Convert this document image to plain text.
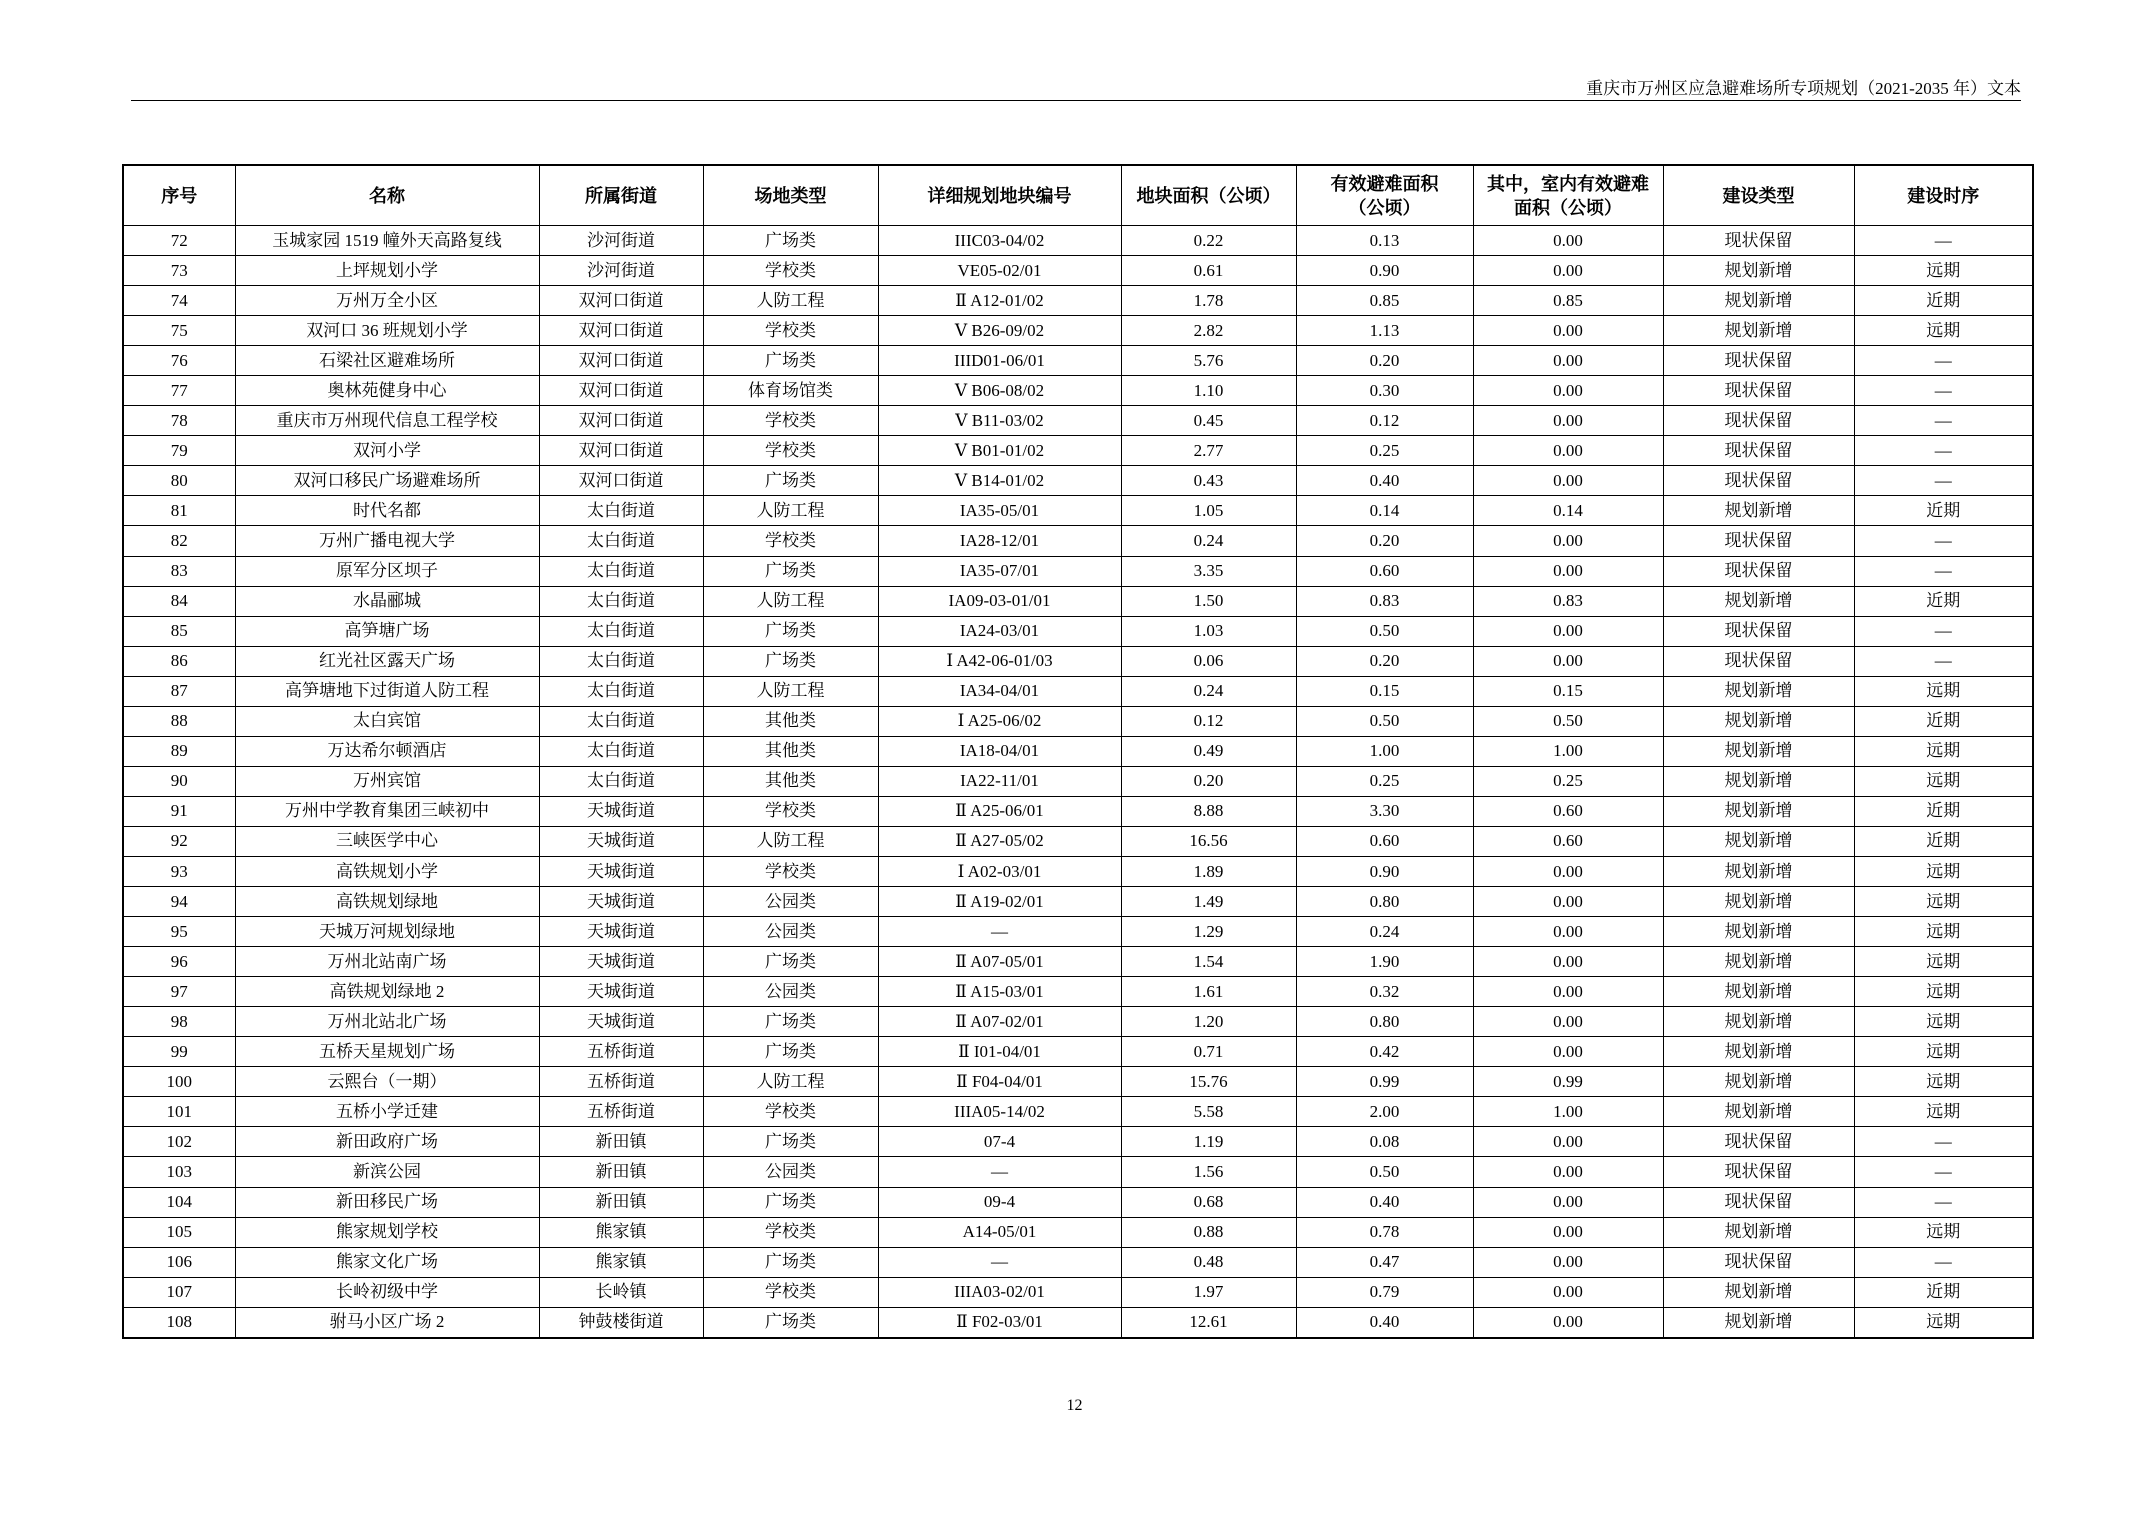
重庆市万州区应急避难场所专项规划（2021-2035 年）文本
序号	名称	所属街道	场地类型	详细规划地块编号	地块面积（公顷）	有效避难面积（公顷）	其中，室内有效避难面积（公顷）	建设类型	建设时序
72	玉城家园 1519 幢外天高路复线	沙河街道	广场类	IIIC03-04/02	0.22	0.13	0.00	现状保留	—
73	上坪规划小学	沙河街道	学校类	VE05-02/01	0.61	0.90	0.00	规划新增	远期
74	万州万全小区	双河口街道	人防工程	Ⅱ A12-01/02	1.78	0.85	0.85	规划新增	近期
75	双河口 36 班规划小学	双河口街道	学校类	Ⅴ B26-09/02	2.82	1.13	0.00	规划新增	远期
76	石梁社区避难场所	双河口街道	广场类	IIID01-06/01	5.76	0.20	0.00	现状保留	—
77	奥林苑健身中心	双河口街道	体育场馆类	Ⅴ B06-08/02	1.10	0.30	0.00	现状保留	—
78	重庆市万州现代信息工程学校	双河口街道	学校类	Ⅴ B11-03/02	0.45	0.12	0.00	现状保留	—
79	双河小学	双河口街道	学校类	Ⅴ B01-01/02	2.77	0.25	0.00	现状保留	—
80	双河口移民广场避难场所	双河口街道	广场类	Ⅴ B14-01/02	0.43	0.40	0.00	现状保留	—
81	时代名都	太白街道	人防工程	IA35-05/01	1.05	0.14	0.14	规划新增	近期
82	万州广播电视大学	太白街道	学校类	IA28-12/01	0.24	0.20	0.00	现状保留	—
83	原军分区坝子	太白街道	广场类	IA35-07/01	3.35	0.60	0.00	现状保留	—
84	水晶郦城	太白街道	人防工程	IA09-03-01/01	1.50	0.83	0.83	规划新增	近期
85	高笋塘广场	太白街道	广场类	IA24-03/01	1.03	0.50	0.00	现状保留	—
86	红光社区露天广场	太白街道	广场类	Ⅰ A42-06-01/03	0.06	0.20	0.00	现状保留	—
87	高笋塘地下过街道人防工程	太白街道	人防工程	IA34-04/01	0.24	0.15	0.15	规划新增	远期
88	太白宾馆	太白街道	其他类	Ⅰ A25-06/02	0.12	0.50	0.50	规划新增	近期
89	万达希尔顿酒店	太白街道	其他类	IA18-04/01	0.49	1.00	1.00	规划新增	远期
90	万州宾馆	太白街道	其他类	IA22-11/01	0.20	0.25	0.25	规划新增	远期
91	万州中学教育集团三峡初中	天城街道	学校类	Ⅱ A25-06/01	8.88	3.30	0.60	规划新增	近期
92	三峡医学中心	天城街道	人防工程	Ⅱ A27-05/02	16.56	0.60	0.60	规划新增	近期
93	高铁规划小学	天城街道	学校类	Ⅰ A02-03/01	1.89	0.90	0.00	规划新增	远期
94	高铁规划绿地	天城街道	公园类	Ⅱ A19-02/01	1.49	0.80	0.00	规划新增	远期
95	天城万河规划绿地	天城街道	公园类	—	1.29	0.24	0.00	规划新增	远期
96	万州北站南广场	天城街道	广场类	Ⅱ A07-05/01	1.54	1.90	0.00	规划新增	远期
97	高铁规划绿地 2	天城街道	公园类	Ⅱ A15-03/01	1.61	0.32	0.00	规划新增	远期
98	万州北站北广场	天城街道	广场类	Ⅱ A07-02/01	1.20	0.80	0.00	规划新增	远期
99	五桥天星规划广场	五桥街道	广场类	Ⅱ I01-04/01	0.71	0.42	0.00	规划新增	远期
100	云熙台（一期）	五桥街道	人防工程	Ⅱ F04-04/01	15.76	0.99	0.99	规划新增	远期
101	五桥小学迁建	五桥街道	学校类	IIIA05-14/02	5.58	2.00	1.00	规划新增	远期
102	新田政府广场	新田镇	广场类	07-4	1.19	0.08	0.00	现状保留	—
103	新滨公园	新田镇	公园类	—	1.56	0.50	0.00	现状保留	—
104	新田移民广场	新田镇	广场类	09-4	0.68	0.40	0.00	现状保留	—
105	熊家规划学校	熊家镇	学校类	A14-05/01	0.88	0.78	0.00	规划新增	远期
106	熊家文化广场	熊家镇	广场类	—	0.48	0.47	0.00	现状保留	—
107	长岭初级中学	长岭镇	学校类	IIIA03-02/01	1.97	0.79	0.00	规划新增	近期
108	驸马小区广场 2	钟鼓楼街道	广场类	Ⅱ F02-03/01	12.61	0.40	0.00	规划新增	远期
12
